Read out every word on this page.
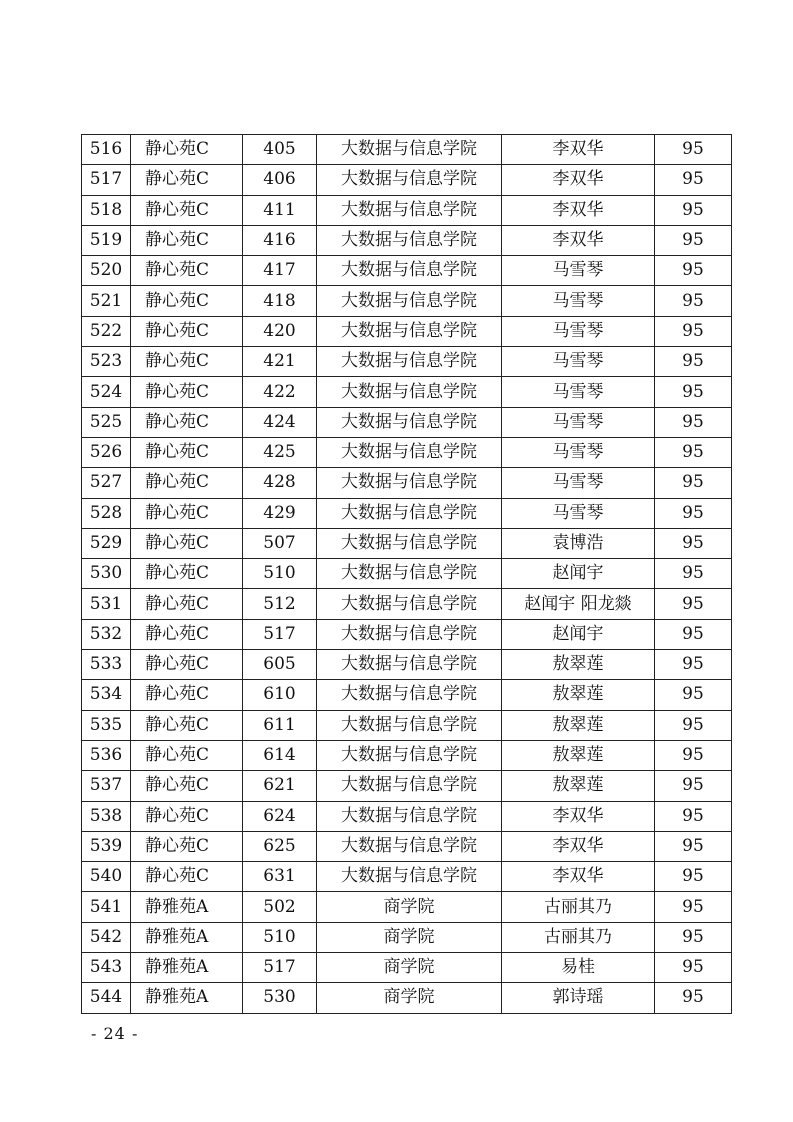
516	静心苑C	405	大数据与信息学院	李双华	95
517	静心苑C	406	大数据与信息学院	李双华	95
518	静心苑C	411	大数据与信息学院	李双华	95
519	静心苑C	416	大数据与信息学院	李双华	95
520	静心苑C	417	大数据与信息学院	马雪琴	95
521	静心苑C	418	大数据与信息学院	马雪琴	95
522	静心苑C	420	大数据与信息学院	马雪琴	95
523	静心苑C	421	大数据与信息学院	马雪琴	95
524	静心苑C	422	大数据与信息学院	马雪琴	95
525	静心苑C	424	大数据与信息学院	马雪琴	95
526	静心苑C	425	大数据与信息学院	马雪琴	95
527	静心苑C	428	大数据与信息学院	马雪琴	95
528	静心苑C	429	大数据与信息学院	马雪琴	95
529	静心苑C	507	大数据与信息学院	袁博浩	95
530	静心苑C	510	大数据与信息学院	赵闻宇	95
531	静心苑C	512	大数据与信息学院	赵闻宇 阳龙燚	95
532	静心苑C	517	大数据与信息学院	赵闻宇	95
533	静心苑C	605	大数据与信息学院	敖翠莲	95
534	静心苑C	610	大数据与信息学院	敖翠莲	95
535	静心苑C	611	大数据与信息学院	敖翠莲	95
536	静心苑C	614	大数据与信息学院	敖翠莲	95
537	静心苑C	621	大数据与信息学院	敖翠莲	95
538	静心苑C	624	大数据与信息学院	李双华	95
539	静心苑C	625	大数据与信息学院	李双华	95
540	静心苑C	631	大数据与信息学院	李双华	95
541	静雅苑A	502	商学院	古丽其乃	95
542	静雅苑A	510	商学院	古丽其乃	95
543	静雅苑A	517	商学院	易桂	95
544	静雅苑A	530	商学院	郭诗瑶	95
- 24 -
